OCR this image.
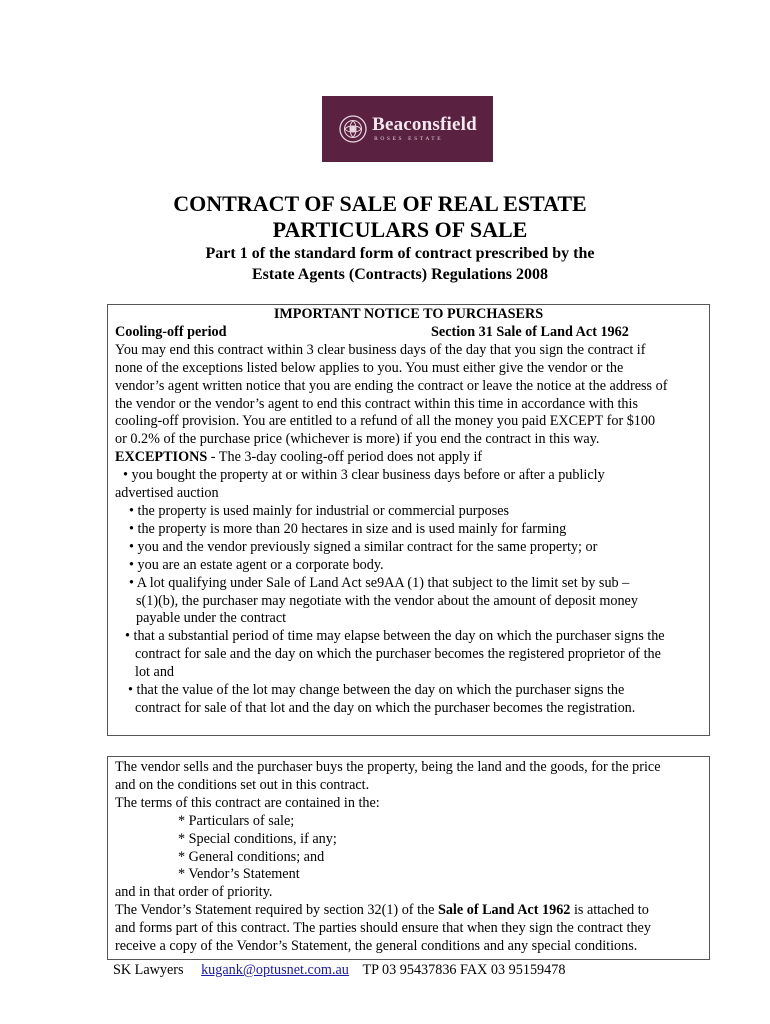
Beaconsfield
ROSES ESTATE
CONTRACT OF SALE OF REAL ESTATE
PARTICULARS OF SALE
Part 1 of the standard form of contract prescribed by the
Estate Agents (Contracts) Regulations 2008
IMPORTANT NOTICE TO PURCHASERS
Cooling-off period	Section 31 Sale of Land Act 1962
You may end this contract within 3 clear business days of the day that you sign the contract if
none of the exceptions listed below applies to you. You must either give the vendor or the
vendor’s agent written notice that you are ending the contract or leave the notice at the address of
the vendor or the vendor’s agent to end this contract within this time in accordance with this
cooling-off provision. You are entitled to a refund of all the money you paid EXCEPT for $100
or 0.2% of the purchase price (whichever is more) if you end the contract in this way.
EXCEPTIONS - The 3-day cooling-off period does not apply if
• you bought the property at or within 3 clear business days before or after a publicly
advertised auction
• the property is used mainly for industrial or commercial purposes
• the property is more than 20 hectares in size and is used mainly for farming
• you and the vendor previously signed a similar contract for the same property; or
• you are an estate agent or a corporate body.
• A lot qualifying under Sale of Land Act se9AA (1) that subject to the limit set by sub –
s(1)(b), the purchaser may negotiate with the vendor about the amount of deposit money
payable under the contract
• that a substantial period of time may elapse between the day on which the purchaser signs the
contract for sale and the day on which the purchaser becomes the registered proprietor of the
lot and
• that the value of the lot may change between the day on which the purchaser signs the
contract for sale of that lot and the day on which the purchaser becomes the registration.
The vendor sells and the purchaser buys the property, being the land and the goods, for the price
and on the conditions set out in this contract.
The terms of this contract are contained in the:
* Particulars of sale;
* Special conditions, if any;
* General conditions; and
* Vendor’s Statement
and in that order of priority.
The Vendor’s Statement required by section 32(1) of the Sale of Land Act 1962 is attached to
and forms part of this contract. The parties should ensure that when they sign the contract they
receive a copy of the Vendor’s Statement, the general conditions and any special conditions.
SK Lawyers kugank@optusnet.com.au TP 03 95437836 FAX 03 95159478
